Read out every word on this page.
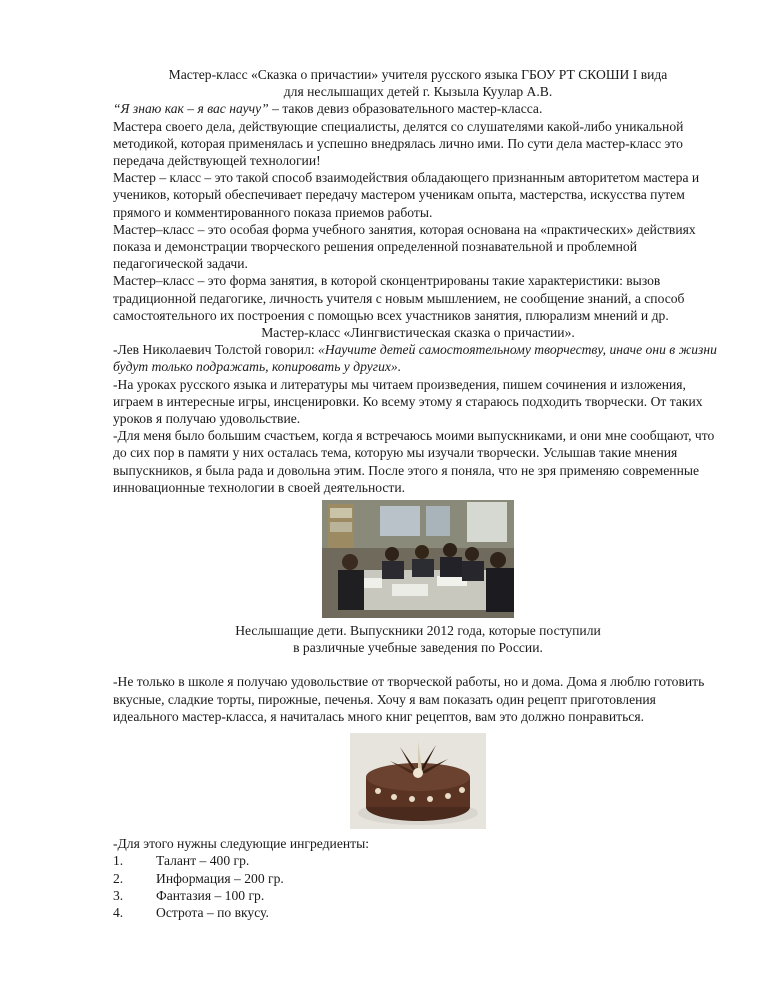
Мастер-класс «Сказка о причастии» учителя русского языка ГБОУ РТ СКОШИ I вида

для неслышащих детей г. Кызыла Куулар А.В.

“Я знаю как – я вас научу” – таков девиз образовательного мастер-класса.

Мастера своего дела, действующие специалисты, делятся со слушателями какой-либо уникальной методикой, которая применялась и успешно внедрялась лично ими. По сути дела мастер-класс это передача действующей технологии!

Мастер – класс – это такой способ взаимодействия обладающего признанным авторитетом мастера и учеников, который обеспечивает передачу мастером ученикам опыта, мастерства, искусства путем прямого и комментированного показа приемов работы.

Мастер–класс – это особая форма учебного занятия, которая основана на «практических» действиях показа и демонстрации творческого решения определенной познавательной и проблемной педагогической задачи.

Мастер–класс – это форма занятия, в которой сконцентрированы такие характеристики: вызов традиционной педагогике, личность учителя с новым мышлением, не сообщение знаний, а способ самостоятельного их построения с помощью всех участников занятия, плюрализм мнений и др.

Мастер-класс «Лингвистическая сказка о причастии».

-Лев Николаевич Толстой говорил: «Научите детей самостоятельному творчеству, иначе они в жизни будут только подражать, копировать у других».

-На уроках русского языка и литературы мы читаем произведения, пишем сочинения и изложения, играем в интересные игры, инсценировки. Ко всему этому я стараюсь подходить творчески. От таких уроков я получаю удовольствие.

-Для меня было большим счастьем, когда я встречаюсь моими выпускниками, и они мне сообщают, что до сих пор в памяти у них осталась тема, которую мы изучали творчески. Услышав такие мнения выпускников, я была рада и довольна этим. После этого я поняла, что не зря применяю современные инновационные технологии в своей деятельности.

Неслышащие дети. Выпускники 2012 года, которые поступили

в различные учебные заведения по России.

-Не только в школе я получаю удовольствие от творческой работы, но и дома. Дома я люблю готовить вкусные, сладкие торты, пирожные, печенья. Хочу я вам показать один рецепт приготовления идеального мастер-класса, я начиталась много книг рецептов, вам это должно понравиться.

-Для этого нужны следующие ингредиенты:

1.	Талант – 400 гр.
2.	Информация – 200 гр.
3.	Фантазия – 100 гр.
4.	Острота – по вкусу.
